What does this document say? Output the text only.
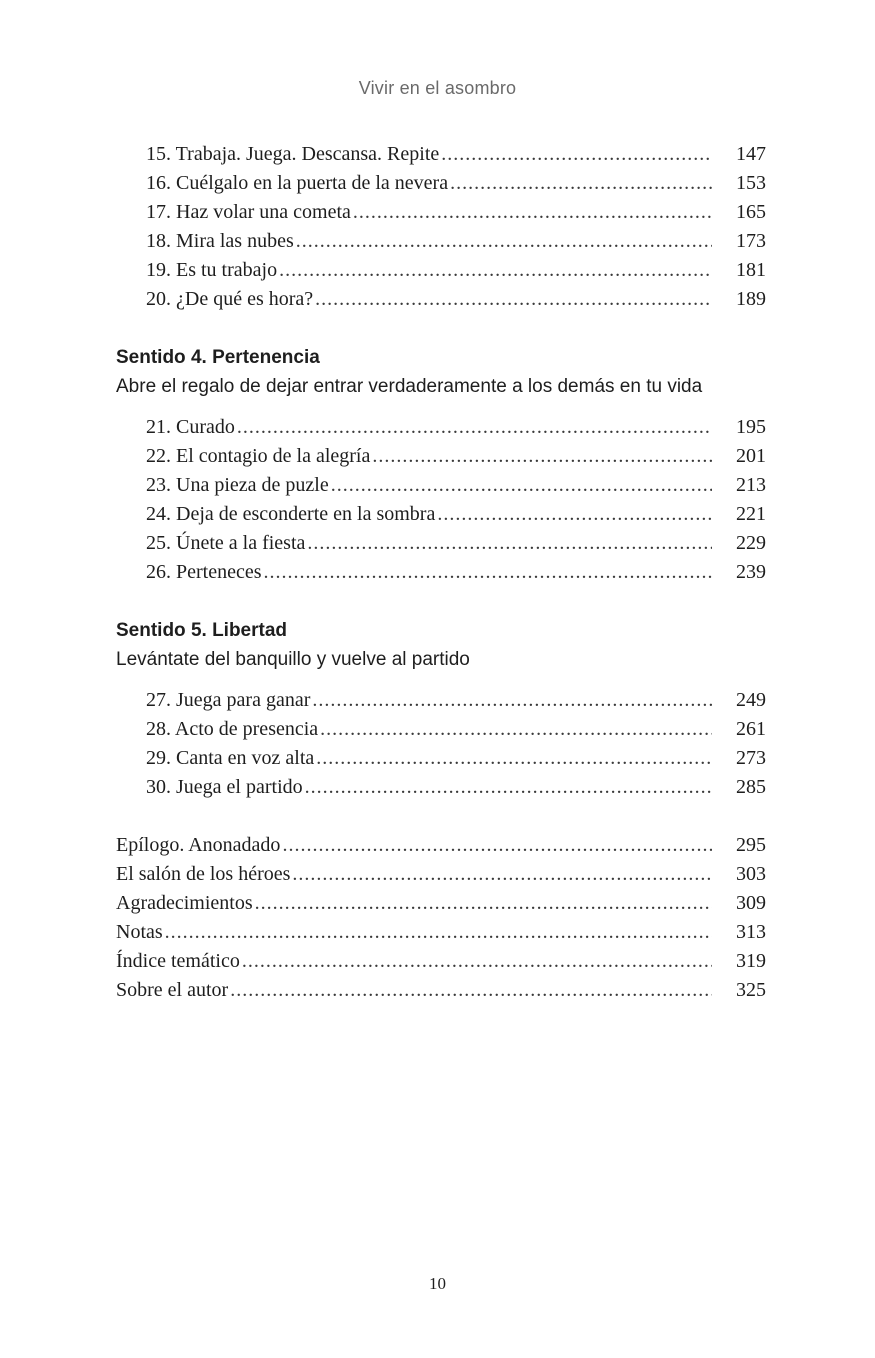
Vivir en el asombro
15. Trabaja. Juega. Descansa. Repite .....	147
16. Cuélgalo en la puerta de la nevera .....	153
17. Haz volar una cometa .....	165
18. Mira las nubes .....	173
19. Es tu trabajo .....	181
20. ¿De qué es hora? .....	189
Sentido 4. Pertenencia
Abre el regalo de dejar entrar verdaderamente a los demás en tu vida
21. Curado .....	195
22. El contagio de la alegría .....	201
23. Una pieza de puzle .....	213
24. Deja de esconderte en la sombra .....	221
25. Únete a la fiesta .....	229
26. Perteneces .....	239
Sentido 5. Libertad
Levántate del banquillo y vuelve al partido
27. Juega para ganar .....	249
28. Acto de presencia .....	261
29. Canta en voz alta .....	273
30. Juega el partido .....	285
Epílogo. Anonadado .....	295
El salón de los héroes .....	303
Agradecimientos .....	309
Notas .....	313
Índice temático .....	319
Sobre el autor .....	325
10
